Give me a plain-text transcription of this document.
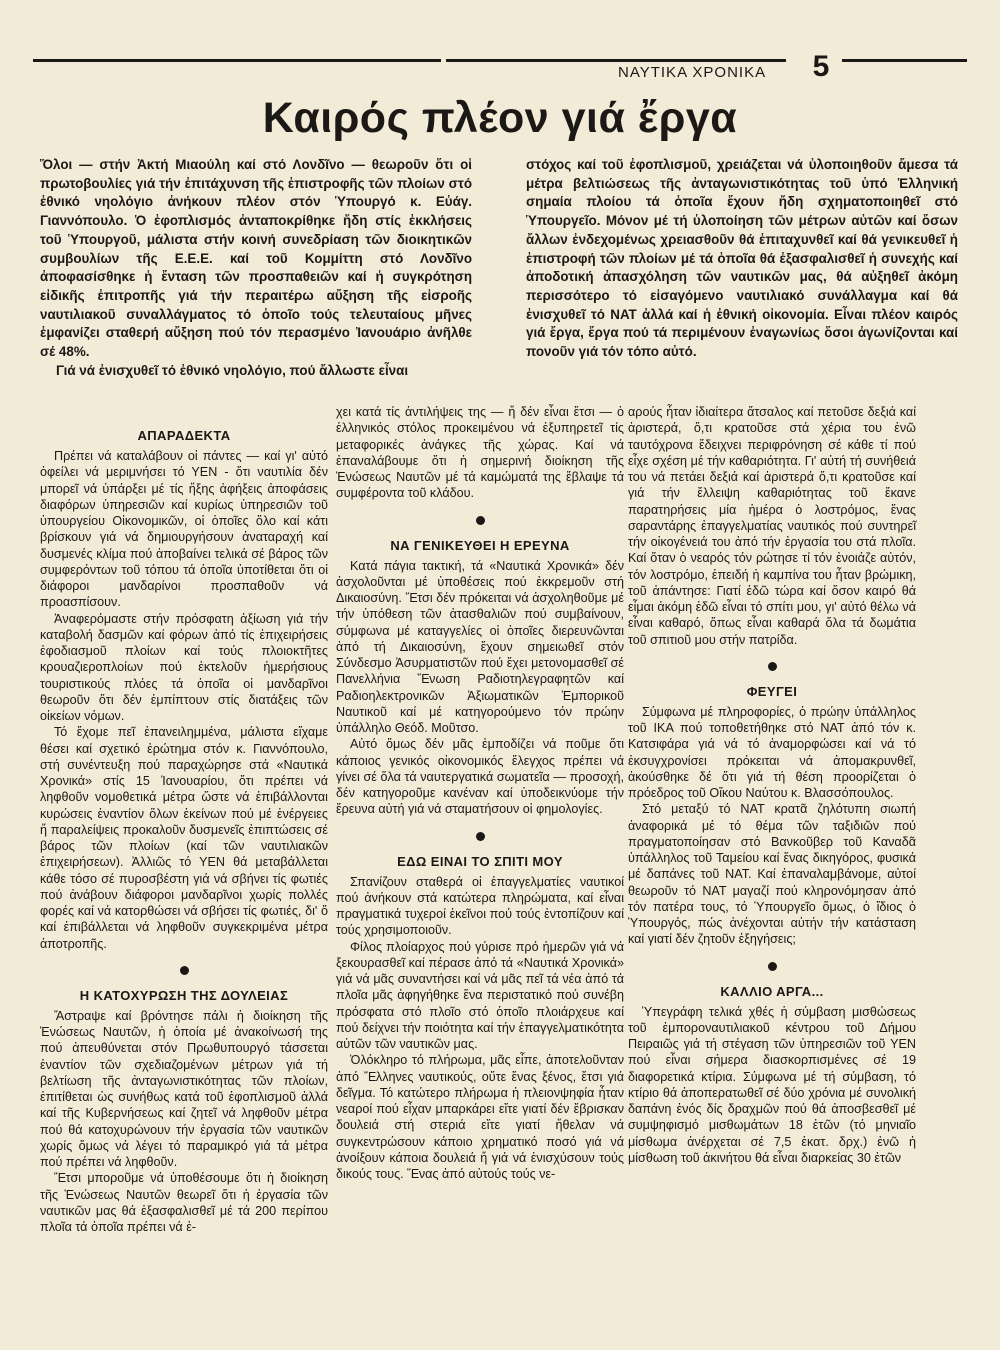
ΝΑΥΤΙΚΑ ΧΡΟΝΙΚΑ	5
Καιρός πλέον γιά ἔργα

Ὅλοι — στήν Ἀκτή Μιαούλη καί στό Λονδῖνο — θεωροῦν ὅτι οἱ πρωτοβουλίες γιά τήν ἐπιτάχυνση τῆς ἐπιστροφῆς τῶν πλοίων στό ἐθνικό νηολόγιο ἀνήκουν πλέον στόν Ὑπουργό κ. Εὐάγ. Γιαννόπουλο. Ὁ ἐφοπλισμός ἀνταποκρίθηκε ἤδη στίς ἐκκλήσεις τοῦ Ὑπουργοῦ, μάλιστα στήν κοινή συνεδρίαση τῶν διοικητικῶν συμβουλίων τῆς Ε.Ε.Ε. καί τοῦ Κομμίττη στό Λονδῖνο ἀποφασίσθηκε ἡ ἔνταση τῶν προσπαθειῶν καί ἡ συγκρότηση εἰδικῆς ἐπιτροπῆς γιά τήν περαιτέρω αὔξηση τῆς εἰσροῆς ναυτιλιακοῦ συναλλάγματος τό ὁποῖο τούς τελευταίους μῆνες ἐμφανίζει σταθερή αὔξηση πού τόν περασμένο Ἰανουάριο ἀνῆλθε σέ 48%.

Γιά νά ἐνισχυθεῖ τό ἐθνικό νηολόγιο, πού ἄλλωστε εἶναι

στόχος καί τοῦ ἐφοπλισμοῦ, χρειάζεται νά ὑλοποιηθοῦν ἄμεσα τά μέτρα βελτιώσεως τῆς ἀνταγωνιστικότητας τοῦ ὑπό Ἑλληνική σημαία πλοίου τά ὁποῖα ἔχουν ἤδη σχηματοποιηθεῖ στό Ὑπουργεῖο. Μόνον μέ τή ὑλοποίηση τῶν μέτρων αὐτῶν καί ὅσων ἄλλων ἐνδεχομένως χρειασθοῦν θά ἐπιταχυνθεῖ καί θά γενικευθεῖ ἡ ἐπιστροφή τῶν πλοίων μέ τά ὁποῖα θά ἐξασφαλισθεῖ ἡ συνεχής καί ἀποδοτική ἀπασχόληση τῶν ναυτικῶν μας, θά αὐξηθεῖ ἀκόμη περισσότερο τό εἰσαγόμενο ναυτιλιακό συνάλλαγμα καί θά ἐνισχυθεῖ τό ΝΑΤ ἀλλά καί ἡ ἐθνική οἰκονομία. Εἶναι πλέον καιρός γιά ἔργα, ἔργα πού τά περιμένουν ἐναγωνίως ὅσοι ἀγωνίζονται καί πονοῦν γιά τόν τόπο αὐτό.

ΑΠΑΡΑΔΕΚΤΑ

Πρέπει νά καταλάβουν οἱ πάντες — καί γι' αὐτό ὀφείλει νά μεριμνήσει τό ΥΕΝ - ὅτι ναυτιλία δέν μπορεῖ νά ὑπάρξει μέ τίς ἤξης ἀφήξεις ἀποφάσεις διαφόρων ὑπηρεσιῶν καί κυρίως ὑπηρεσιῶν τοῦ ὑπουργείου Οἰκονομικῶν, οἱ ὁποῖες ὅλο καί κάτι βρίσκουν γιά νά δημιουργήσουν ἀναταραχή καί δυσμενές κλίμα πού ἀποβαίνει τελικά σέ βάρος τῶν συμφερόντων τοῦ τόπου τά ὁποῖα ὑποτίθεται ὅτι οἱ διάφοροι μανδαρίνοι προσπαθοῦν νά προασπίσουν.

Ἀναφερόμαστε στήν πρόσφατη ἀξίωση γιά τήν καταβολή δασμῶν καί φόρων ἀπό τίς ἐπιχειρήσεις ἐφοδιασμοῦ πλοίων καί τούς πλοιοκτῆτες κρουαζιεροπλοίων πού ἐκτελοῦν ἡμερήσιους τουριστικούς πλόες τά ὁποῖα οἱ μανδαρῖνοι θεωροῦν ὅτι δέν ἐμπίπτουν στίς διατάξεις τῶν οἰκείων νόμων.

Τό ἔχομε πεῖ ἐπανειλημμένα, μάλιστα εἴχαμε θέσει καί σχετικό ἐρώτημα στόν κ. Γιαννόπουλο, στή συνέντευξη πού παραχώρησε στά «Ναυτικά Χρονικά» στίς 15 Ἰανουαρίου, ὅτι πρέπει νά ληφθοῦν νομοθετικά μέτρα ὥστε νά ἐπιβάλλονται κυρώσεις ἐναντίον ὅλων ἐκείνων πού μέ ἐνέργειες ἤ παραλείψεις προκαλοῦν δυσμενεῖς ἐπιπτώσεις σέ βάρος τῶν πλοίων (καί τῶν ναυτιλιακῶν ἐπιχειρήσεων). Ἀλλιῶς τό ΥΕΝ θά μεταβάλλεται κάθε τόσο σέ πυροσβέστη γιά νά σβήνει τίς φωτιές πού ἀνάβουν διάφοροι μανδαρῖνοι χωρίς πολλές φορές καί νά κατορθώσει νά σβήσει τίς φωτιές, δι' ὅ καί ἐπιβάλλεται νά ληφθοῦν συγκεκριμένα μέτρα ἀποτροπῆς.

Η ΚΑΤΟΧΥΡΩΣΗ ΤΗΣ ΔΟΥΛΕΙΑΣ

Ἄστραψε καί βρόντησε πάλι ἡ διοίκηση τῆς Ἑνώσεως Ναυτῶν, ἡ ὁποία μέ ἀνακοίνωσή της πού ἀπευθύνεται στόν Πρωθυπουργό τάσσεται ἐναντίον τῶν σχεδιαζομένων μέτρων γιά τή βελτίωση τῆς ἀνταγωνιστικότητας τῶν πλοίων, ἐπιτίθεται ὡς συνήθως κατά τοῦ ἐφοπλισμοῦ ἀλλά καί τῆς Κυβερνήσεως καί ζητεῖ νά ληφθοῦν μέτρα πού θά κατοχυρώνουν τήν ἐργασία τῶν ναυτικῶν χωρίς ὅμως νά λέγει τό παραμικρό γιά τά μέτρα πού πρέπει νά ληφθοῦν.

Ἔτσι μποροῦμε νά ὑποθέσουμε ὅτι ἡ διοίκηση τῆς Ἑνώσεως Ναυτῶν θεωρεῖ ὅτι ἡ ἐργασία τῶν ναυτικῶν μας θά ἐξασφαλισθεῖ μέ τά 200 περίπου πλοῖα τά ὁποῖα πρέπει νά ἐ-

χει κατά τίς ἀντιλήψεις της — ἤ δέν εἶναι ἔτσι — ὁ ἑλληνικός στόλος προκειμένου νά ἐξυπηρετεῖ τίς μεταφορικές ἀνάγκες τῆς χώρας. Καί νά ἐπαναλάβουμε ὅτι ἡ σημερινή διοίκηση τῆς Ἑνώσεως Ναυτῶν μέ τά καμώματά της ἔβλαψε τά συμφέροντα τοῦ κλάδου.

ΝΑ ΓΕΝΙΚΕΥΘΕΙ Η ΕΡΕΥΝΑ

Κατά πάγια τακτική, τά «Ναυτικά Χρονικά» δέν ἀσχολοῦνται μέ ὑποθέσεις πού ἐκκρεμοῦν στή Δικαιοσύνη. Ἔτσι δέν πρόκειται νά ἀσχοληθοῦμε μέ τήν ὑπόθεση τῶν ἀτασθαλιῶν πού συμβαίνουν, σύμφωνα μέ καταγγελίες οἱ ὁποῖες διερευνῶνται ἀπό τή Δικαιοσύνη, ἔχουν σημειωθεῖ στόν Σύνδεσμο Ἀσυρματιστῶν πού ἔχει μετονομασθεῖ σέ Πανελλήνια Ἕνωση Ραδιοτηλεγραφητῶν καί Ραδιοηλεκτρονικῶν Ἀξιωματικῶν Ἐμπορικοῦ Ναυτικοῦ καί μέ κατηγορούμενο τόν πρώην ὑπάλληλο Θεόδ. Μοῦτσο.

Αὐτό ὅμως δέν μᾶς ἐμποδίζει νά ποῦμε ὅτι κάποιος γενικός οἰκονομικός ἔλεγχος πρέπει νά γίνει σέ ὅλα τά ναυτεργατικά σωματεῖα — προσοχή, δέν κατηγοροῦμε κανέναν καί ὑποδεικνύομε τήν ἔρευνα αὐτή γιά νά σταματήσουν οἱ φημολογίες.

ΕΔΩ ΕΙΝΑΙ ΤΟ ΣΠΙΤΙ ΜΟΥ

Σπανίζουν σταθερά οἱ ἐπαγγελματίες ναυτικοί πού ἀνήκουν στά κατώτερα πληρώματα, καί εἶναι πραγματικά τυχεροί ἐκεῖνοι πού τούς ἐντοπίζουν καί τούς χρησιμοποιοῦν.

Φίλος πλοίαρχος πού γύρισε πρό ἡμερῶν γιά νά ξεκουρασθεῖ καί πέρασε ἀπό τά «Ναυτικά Χρονικά» γιά νά μᾶς συναντήσει καί νά μᾶς πεῖ τά νέα ἀπό τά πλοῖα μᾶς ἀφηγήθηκε ἕνα περιστατικό πού συνέβη πρόσφατα στό πλοῖο στό ὁποῖο πλοιάρχευε καί πού δείχνει τήν ποιότητα καί τήν ἐπαγγελματικότητα αὐτῶν τῶν ναυτικῶν μας.

Ὁλόκληρο τό πλήρωμα, μᾶς εἶπε, ἀποτελοῦνταν ἀπό Ἕλληνες ναυτικούς, οὔτε ἕνας ξένος, ἔτσι γιά δεῖγμα. Τό κατώτερο πλήρωμα ἡ πλειονψηφία ἦταν νεαροί πού εἶχαν μπαρκάρει εἴτε γιατί δέν ἔβρισκαν δουλειά στή στεριά εἴτε γιατί ἤθελαν νά συγκεντρώσουν κάποιο χρηματικό ποσό γιά νά ἀνοίξουν κάποια δουλειά ἤ γιά νά ἐνισχύσουν τούς δικούς τους. Ἕνας ἀπό αὐτούς τούς νε-

αρούς ἦταν ἰδιαίτερα ἄτσαλος καί πετοῦσε δεξιά καί ἀριστερά, ὅ,τι κρατοῦσε στά χέρια του ἐνῶ ταυτόχρονα ἔδειχνει περιφρόνηση σέ κάθε τί πού εἶχε σχέση μέ τήν καθαριότητα. Γι' αὐτή τή συνήθειά του νά πετάει δεξιά καί ἀριστερά ὅ,τι κρατοῦσε καί γιά τήν ἔλλειψη καθαριότητας τοῦ ἔκανε παρατηρήσεις μία ἡμέρα ὁ λοστρόμος, ἕνας σαραντάρης ἐπαγγελματίας ναυτικός πού συντηρεῖ τήν οἰκογένειά του ἀπό τήν ἐργασία του στά πλοῖα. Καί ὅταν ὁ νεαρός τόν ρώτησε τί τόν ἐνοιάζε αὐτόν, τόν λοστρόμο, ἐπειδή ἡ καμπίνα του ἦταν βρώμικη, τοῦ ἀπάντησε: Γιατί ἐδῶ τώρα καί ὅσον καιρό θά εἶμαι ἀκόμη ἐδῶ εἶναι τό σπίτι μου, γι' αὐτό θέλω νά εἶναι καθαρό, ὅπως εἶναι καθαρά ὅλα τά δωμάτια τοῦ σπιτιοῦ μου στήν πατρίδα.

ΦΕΥΓΕΙ

Σύμφωνα μέ πληροφορίες, ὁ πρώην ὑπάλληλος τοῦ ΙΚΑ πού τοποθετήθηκε στό ΝΑΤ ἀπό τόν κ. Κατσιφάρα γιά νά τό ἀναμορφώσει καί νά τό ἐκσυγχρονίσει πρόκειται νά ἀπομακρυνθεῖ, ἀκούσθηκε δέ ὅτι γιά τή θέση προορίζεται ὁ πρόεδρος τοῦ Οἴκου Ναύτου κ. Βλασσόπουλος.

Στό μεταξύ τό ΝΑΤ κρατᾶ ζηλότυπη σιωπή ἀναφορικά μέ τό θέμα τῶν ταξιδιῶν πού πραγματοποίησαν στό Βανκοῦβερ τοῦ Καναδᾶ ὑπάλληλος τοῦ Ταμείου καί ἕνας δικηγόρος, φυσικά μέ δαπάνες τοῦ ΝΑΤ. Καί ἐπαναλαμβάνομε, αὐτοί θεωροῦν τό ΝΑΤ μαγαζί πού κληρονόμησαν ἀπό τόν πατέρα τους, τό Ὑπουργεῖο ὅμως, ὁ ἴδιος ὁ Ὑπουργός, πώς ἀνέχονται αὐτήν τήν κατάσταση καί γιατί δέν ζητοῦν ἐξηγήσεις;

ΚΑΛΛΙΟ ΑΡΓΑ...

Ὑπεγράφη τελικά χθές ἡ σύμβαση μισθώσεως τοῦ ἐμποροναυτιλιακοῦ κέντρου τοῦ Δήμου Πειραιῶς γιά τή στέγαση τῶν ὑπηρεσιῶν τοῦ ΥΕΝ πού εἶναι σήμερα διασκορπισμένες σέ 19 διαφορετικά κτίρια. Σύμφωνα μέ τή σύμβαση, τό κτίριο θά ἀποπερατωθεῖ σέ δύο χρόνια μέ συνολική δαπάνη ἑνός δίς δραχμῶν πού θά ἀποσβεσθεῖ μέ συμψηφισμό μισθωμάτων 18 ἐτῶν (τό μηνιαῖο μίσθωμα ἀνέρχεται σέ 7,5 ἑκατ. δρχ.) ἐνῶ ἡ μίσθωση τοῦ ἀκινήτου θά εἶναι διαρκείας 30 ἐτῶν
